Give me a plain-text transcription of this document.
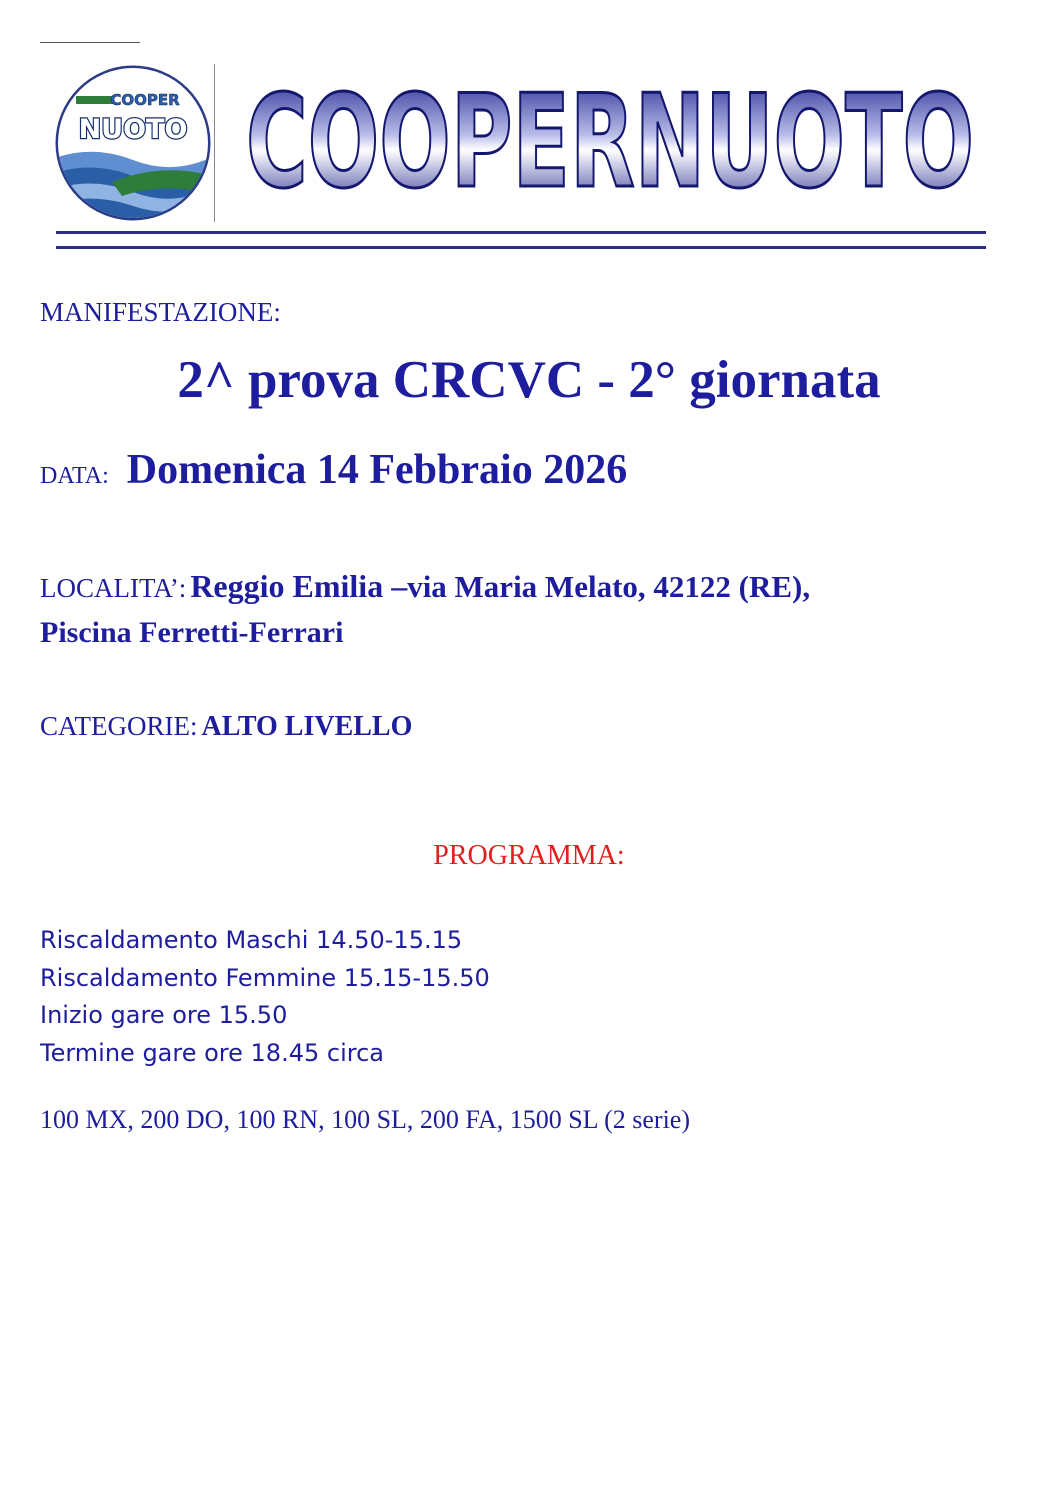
COOPER
NUOTO COOPERNUOTO
MANIFESTAZIONE:
2^ prova CRCVC - 2° giornata
DATA: Domenica 14 Febbraio 2026
LOCALITA’: Reggio Emilia –via Maria Melato, 42122 (RE),
Piscina Ferretti-Ferrari
CATEGORIE: ALTO LIVELLO
PROGRAMMA:
Riscaldamento Maschi 14.50-15.15
Riscaldamento Femmine 15.15-15.50
Inizio gare ore 15.50
Termine gare ore 18.45 circa
100 MX, 200 DO, 100 RN, 100 SL, 200 FA, 1500 SL (2 serie)
